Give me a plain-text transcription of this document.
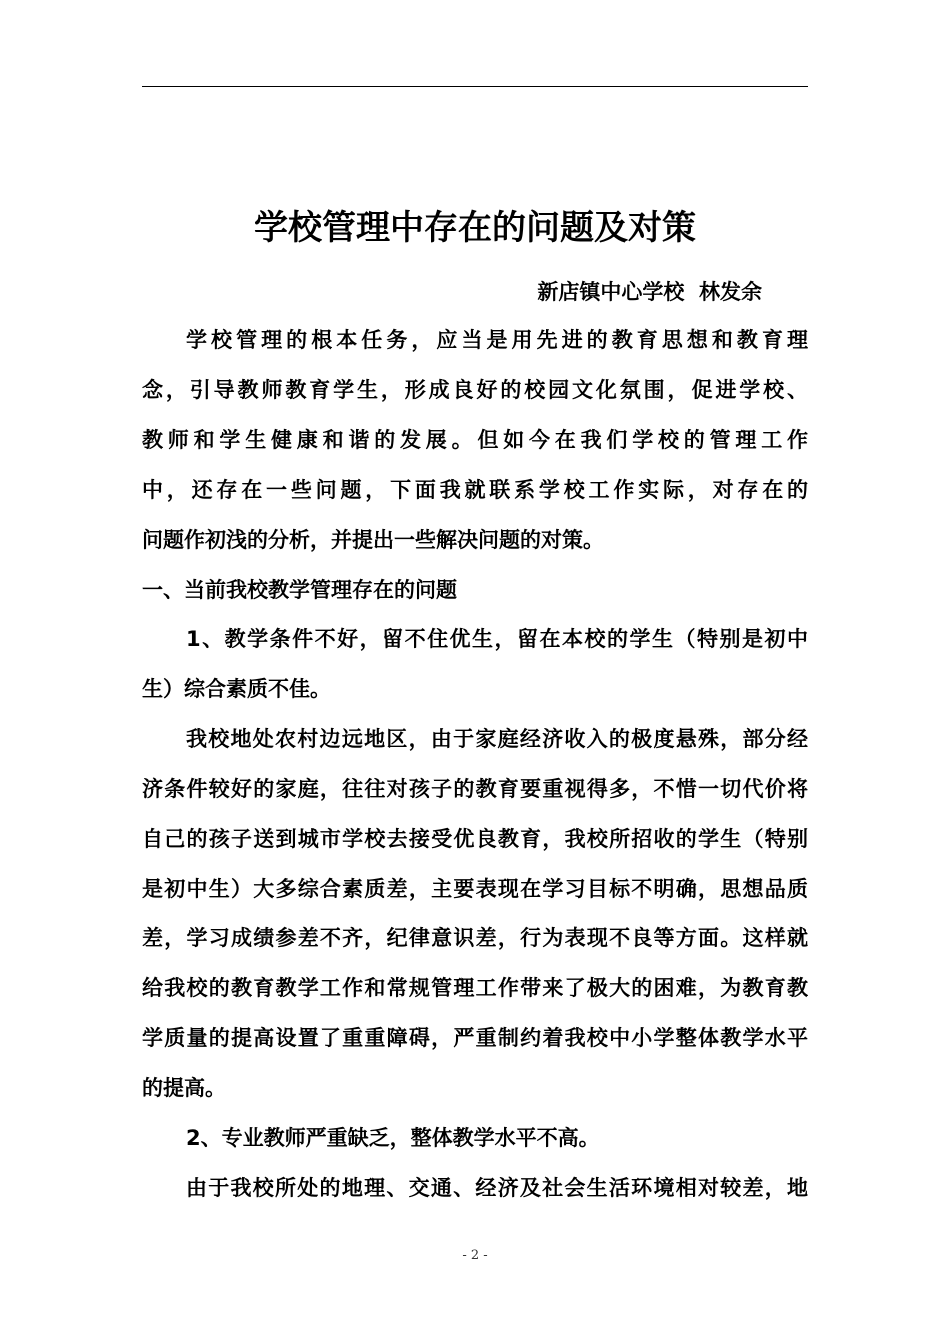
学校管理中存在的问题及对策
新店镇中心学校  林发余
学校管理的根本任务，应当是用先进的教育思想和教育理
念，引导教师教育学生，形成良好的校园文化氛围，促进学校、
教师和学生健康和谐的发展。但如今在我们学校的管理工作
中，还存在一些问题，下面我就联系学校工作实际，对存在的
问题作初浅的分析，并提出一些解决问题的对策。
一、当前我校教学管理存在的问题
1、教学条件不好，留不住优生，留在本校的学生（特别是初中
生）综合素质不佳。
我校地处农村边远地区，由于家庭经济收入的极度悬殊，部分经
济条件较好的家庭，往往对孩子的教育要重视得多，不惜一切代价将
自己的孩子送到城市学校去接受优良教育，我校所招收的学生（特别
是初中生）大多综合素质差，主要表现在学习目标不明确，思想品质
差，学习成绩参差不齐，纪律意识差，行为表现不良等方面。这样就
给我校的教育教学工作和常规管理工作带来了极大的困难，为教育教
学质量的提高设置了重重障碍，严重制约着我校中小学整体教学水平
的提高。
2、专业教师严重缺乏，整体教学水平不高。
由于我校所处的地理、交通、经济及社会生活环境相对较差，地
- 2 -
